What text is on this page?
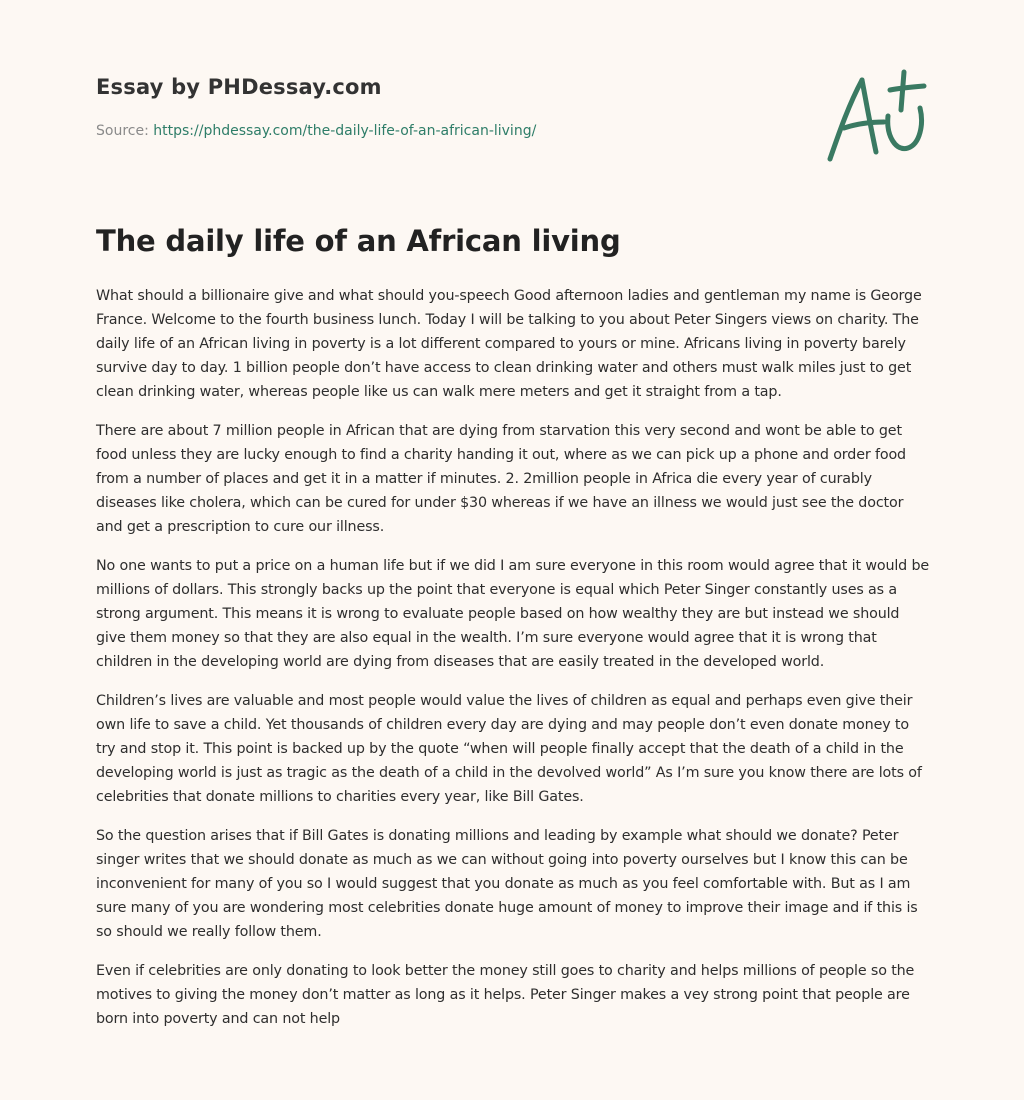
Essay by PHDessay.com
Source: https://phdessay.com/the-daily-life-of-an-african-living/
The daily life of an African living

What should a billionaire give and what should you-speech Good afternoon ladies and gentleman my name is George France. Welcome to the fourth business lunch. Today I will be talking to you about Peter Singers views on charity. The daily life of an African living in poverty is a lot different compared to yours or mine. Africans living in poverty barely survive day to day. 1 billion people don’t have access to clean drinking water and others must walk miles just to get clean drinking water, whereas people like us can walk mere meters and get it straight from a tap.

There are about 7 million people in African that are dying from starvation this very second and wont be able to get food unless they are lucky enough to find a charity handing it out, where as we can pick up a phone and order food from a number of places and get it in a matter if minutes. 2. 2million people in Africa die every year of curably diseases like cholera, which can be cured for under $30 whereas if we have an illness we would just see the doctor and get a prescription to cure our illness.

No one wants to put a price on a human life but if we did I am sure everyone in this room would agree that it would be millions of dollars. This strongly backs up the point that everyone is equal which Peter Singer constantly uses as a strong argument. This means it is wrong to evaluate people based on how wealthy they are but instead we should give them money so that they are also equal in the wealth. I’m sure everyone would agree that it is wrong that children in the developing world are dying from diseases that are easily treated in the developed world.

Children’s lives are valuable and most people would value the lives of children as equal and perhaps even give their own life to save a child. Yet thousands of children every day are dying and may people don’t even donate money to try and stop it. This point is backed up by the quote “when will people finally accept that the death of a child in the developing world is just as tragic as the death of a child in the devolved world” As I’m sure you know there are lots of celebrities that donate millions to charities every year, like Bill Gates.

So the question arises that if Bill Gates is donating millions and leading by example what should we donate? Peter singer writes that we should donate as much as we can without going into poverty ourselves but I know this can be inconvenient for many of you so I would suggest that you donate as much as you feel comfortable with. But as I am sure many of you are wondering most celebrities donate huge amount of money to improve their image and if this is so should we really follow them.

Even if celebrities are only donating to look better the money still goes to charity and helps millions of people so the motives to giving the money don’t matter as long as it helps. Peter Singer makes a vey strong point that people are born into poverty and can not help
